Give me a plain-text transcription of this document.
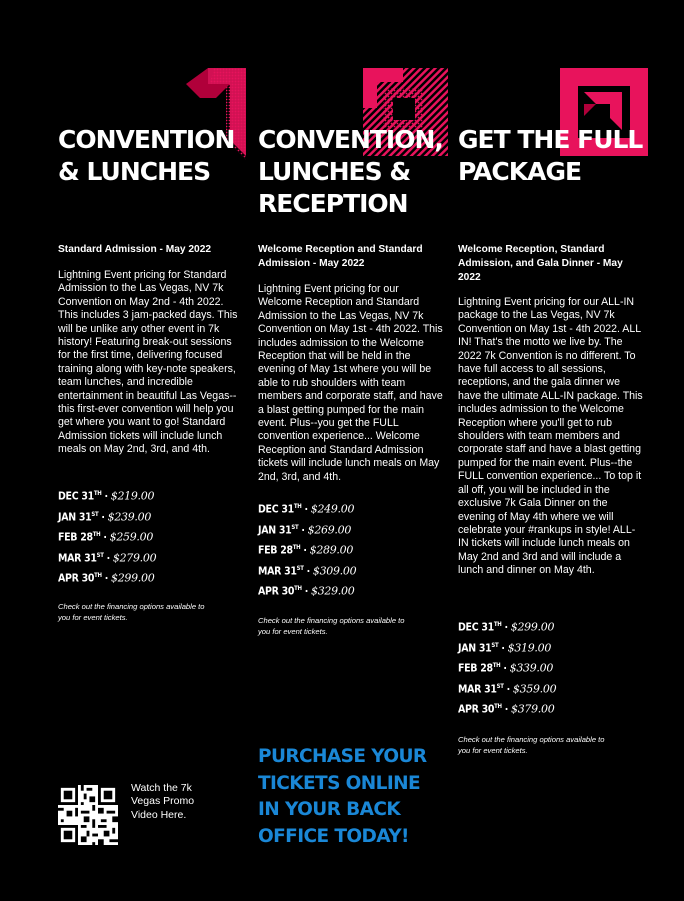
CONVENTION
& LUNCHES
Standard Admission - May 2022
Lightning Event pricing for Standard Admission to the Las Vegas, NV 7k Convention on May 2nd - 4th 2022. This includes 3 jam-packed days. This will be unlike any other event in 7k history! Featuring break-out sessions for the first time, delivering focused training along with key-note speakers, team lunches, and incredible entertainment in beautiful Las Vegas--this first-ever convention will help you get where you want to go! Standard Admission tickets will include lunch meals on May 2nd, 3rd, and 4th.
DEC 31TH · $219.00
JAN 31ST · $239.00
FEB 28TH · $259.00
MAR 31ST · $279.00
APR 30TH · $299.00
Check out the financing options available to you for event tickets.
CONVENTION,
LUNCHES &
RECEPTION
Welcome Reception and Standard Admission - May 2022
Lightning Event pricing for our Welcome Reception and Standard Admission to the Las Vegas, NV 7k Convention on May 1st - 4th 2022. This includes admission to the Welcome Reception that will be held in the evening of May 1st where you will be able to rub shoulders with team members and corporate staff, and have a blast getting pumped for the main event. Plus--you get the FULL convention experience... Welcome Reception and Standard Admission tickets will include lunch meals on May 2nd, 3rd, and 4th.
DEC 31TH · $249.00
JAN 31ST · $269.00
FEB 28TH · $289.00
MAR 31ST · $309.00
APR 30TH · $329.00
Check out the financing options available to you for event tickets.
GET THE FULL
PACKAGE
Welcome Reception, Standard Admission, and Gala Dinner - May 2022
Lightning Event pricing for our ALL-IN package to the Las Vegas, NV 7k Convention on May 1st - 4th 2022. ALL IN! That's the motto we live by. The 2022 7k Convention is no different. To have full access to all sessions, receptions, and the gala dinner we have the ultimate ALL-IN package. This includes admission to the Welcome Reception where you'll get to rub shoulders with team members and corporate staff and have a blast getting pumped for the main event. Plus--the FULL convention experience... To top it all off, you will be included in the exclusive 7k Gala Dinner on the evening of May 4th where we will celebrate your #rankups in style! ALL-IN tickets will include lunch meals on May 2nd and 3rd and will include a lunch and dinner on May 4th.
DEC 31TH · $299.00
JAN 31ST · $319.00
FEB 28TH · $339.00
MAR 31ST · $359.00
APR 30TH · $379.00
Check out the financing options available to you for event tickets.
PURCHASE YOUR
TICKETS ONLINE
IN YOUR BACK
OFFICE TODAY!
Watch the 7k Vegas Promo Video Here.
